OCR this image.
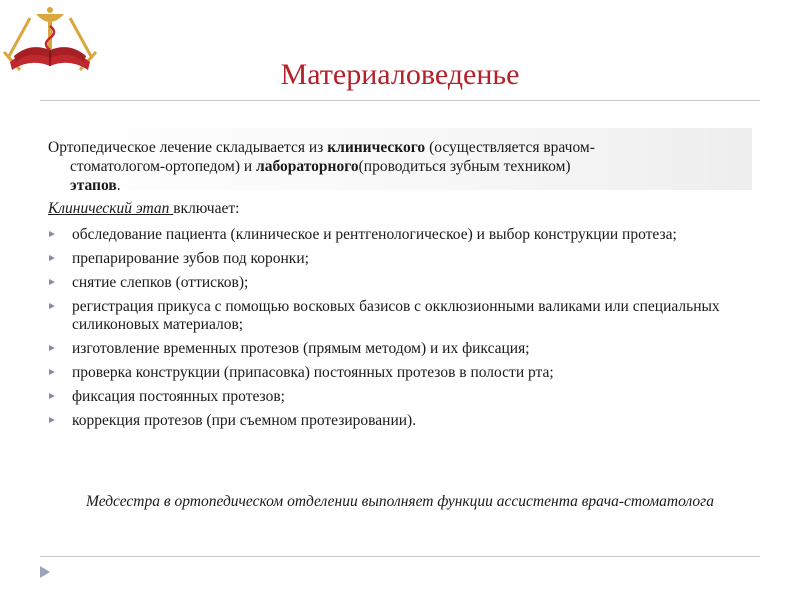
Материаловеденье

Ортопедическое лечение складывается из клинического (осуществляется врачом-
стоматологом-ортопедом) и лабораторного(проводиться зубным техником)
этапов.

Клинический этап включает:
обследование пациента (клиническое и рентгенологическое) и выбор конструкции протеза;
препарирование зубов под коронки;
снятие слепков (оттисков);
регистрация прикуса с помощью восковых базисов с окклюзионными валиками или специальных силиконовых материалов;
изготовление временных протезов (прямым методом) и их фиксация;
проверка конструкции (припасовка) постоянных протезов в полости рта;
фиксация постоянных протезов;
коррекция протезов (при съемном протезировании).
Медсестра в ортопедическом отделении выполняет функции ассистента врача-стоматолога
